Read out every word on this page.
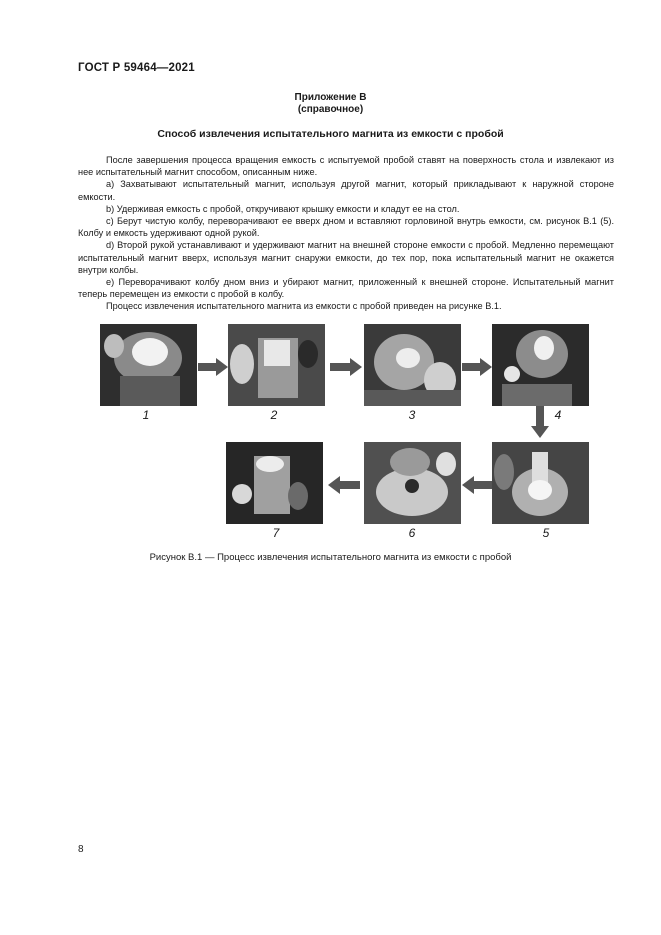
ГОСТ Р 59464—2021
Приложение В
(справочное)
Способ извлечения испытательного магнита из емкости с пробой

После завершения процесса вращения емкость с испытуемой пробой ставят на поверхность стола и извлекают из нее испытательный магнит способом, описанным ниже.

a) Захватывают испытательный магнит, используя другой магнит, который прикладывают к наружной стороне емкости.

b) Удерживая емкость с пробой, откручивают крышку емкости и кладут ее на стол.

c) Берут чистую колбу, переворачивают ее вверх дном и вставляют горловиной внутрь емкости, см. рисунок В.1 (5). Колбу и емкость удерживают одной рукой.

d) Второй рукой устанавливают и удерживают магнит на внешней стороне емкости с пробой. Медленно перемещают испытательный магнит вверх, используя магнит снаружи емкости, до тех пор, пока испытательный магнит не окажется внутри колбы.

e) Переворачивают колбу дном вниз и убирают магнит, приложенный к внешней стороне. Испытательный магнит теперь перемещен из емкости с пробой в колбу.

Процесс извлечения испытательного магнита из емкости с пробой приведен на рисунке В.1.

1	2	3	4
5
6
7
Рисунок В.1 — Процесс извлечения испытательного магнита из емкости с пробой
8
